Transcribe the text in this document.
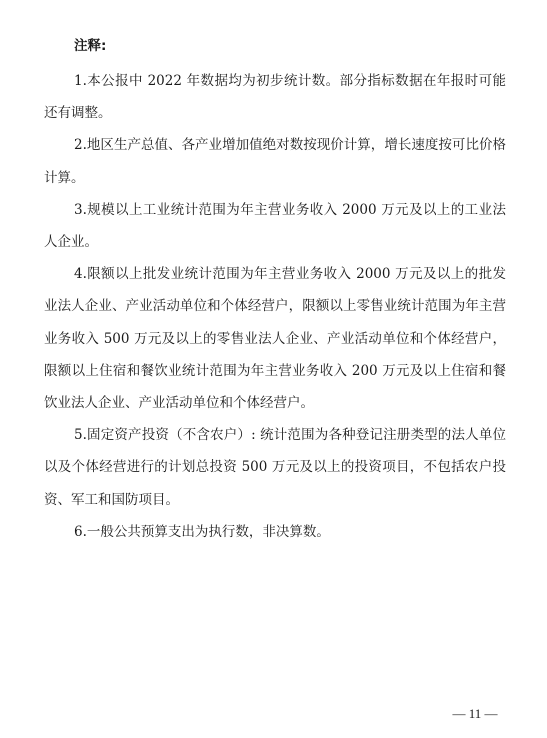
注释:

1.本公报中 2022 年数据均为初步统计数。部分指标数据在年报时可能还有调整。

2.地区生产总值、各产业增加值绝对数按现价计算，增长速度按可比价格计算。

3.规模以上工业统计范围为年主营业务收入 2000 万元及以上的工业法人企业。

4.限额以上批发业统计范围为年主营业务收入 2000 万元及以上的批发业法人企业、产业活动单位和个体经营户，限额以上零售业统计范围为年主营业务收入 500 万元及以上的零售业法人企业、产业活动单位和个体经营户，限额以上住宿和餐饮业统计范围为年主营业务收入 200 万元及以上住宿和餐饮业法人企业、产业活动单位和个体经营户。

5.固定资产投资（不含农户）: 统计范围为各种登记注册类型的法人单位以及个体经营进行的计划总投资 500 万元及以上的投资项目，不包括农户投资、军工和国防项目。

6.一般公共预算支出为执行数，非决算数。

— 11 —
